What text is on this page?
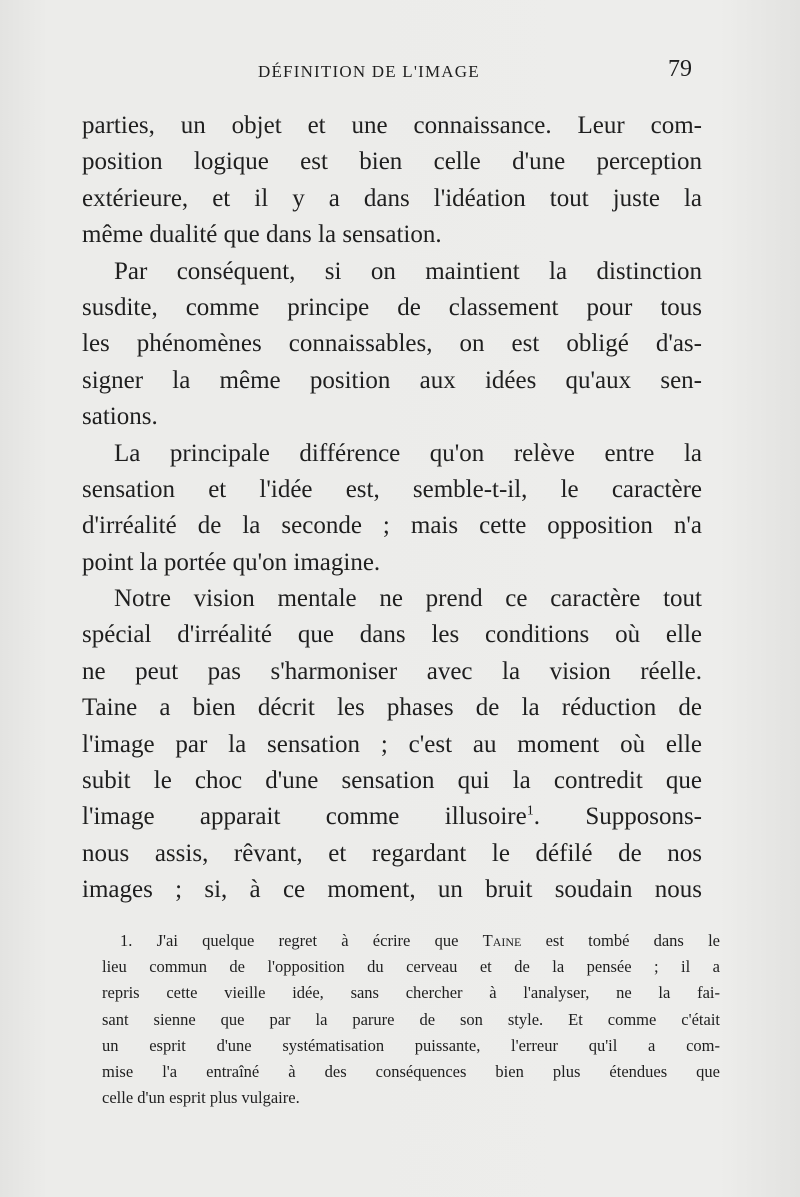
DÉFINITION DE L'IMAGE	79
parties, un objet et une connaissance. Leur com-
position logique est bien celle d'une perception
extérieure, et il y a dans l'idéation tout juste la
même dualité que dans la sensation.
Par conséquent, si on maintient la distinction
susdite, comme principe de classement pour tous
les phénomènes connaissables, on est obligé d'as-
signer la même position aux idées qu'aux sen-
sations.
La principale différence qu'on relève entre la
sensation et l'idée est, semble-t-il, le caractère
d'irréalité de la seconde ; mais cette opposition n'a
point la portée qu'on imagine.
Notre vision mentale ne prend ce caractère tout
spécial d'irréalité que dans les conditions où elle
ne peut pas s'harmoniser avec la vision réelle.
Taine a bien décrit les phases de la réduction de
l'image par la sensation ; c'est au moment où elle
subit le choc d'une sensation qui la contredit que
l'image apparait comme illusoire$^1$. Supposons-
nous assis, rêvant, et regardant le défilé de nos
images ; si, à ce moment, un bruit soudain nous
1. J'ai quelque regret à écrire que Taine est tombé dans le
lieu commun de l'opposition du cerveau et de la pensée ; il a
repris cette vieille idée, sans chercher à l'analyser, ne la fai-
sant sienne que par la parure de son style. Et comme c'était
un esprit d'une systématisation puissante, l'erreur qu'il a com-
mise l'a entraîné à des conséquences bien plus étendues que
celle d'un esprit plus vulgaire.
